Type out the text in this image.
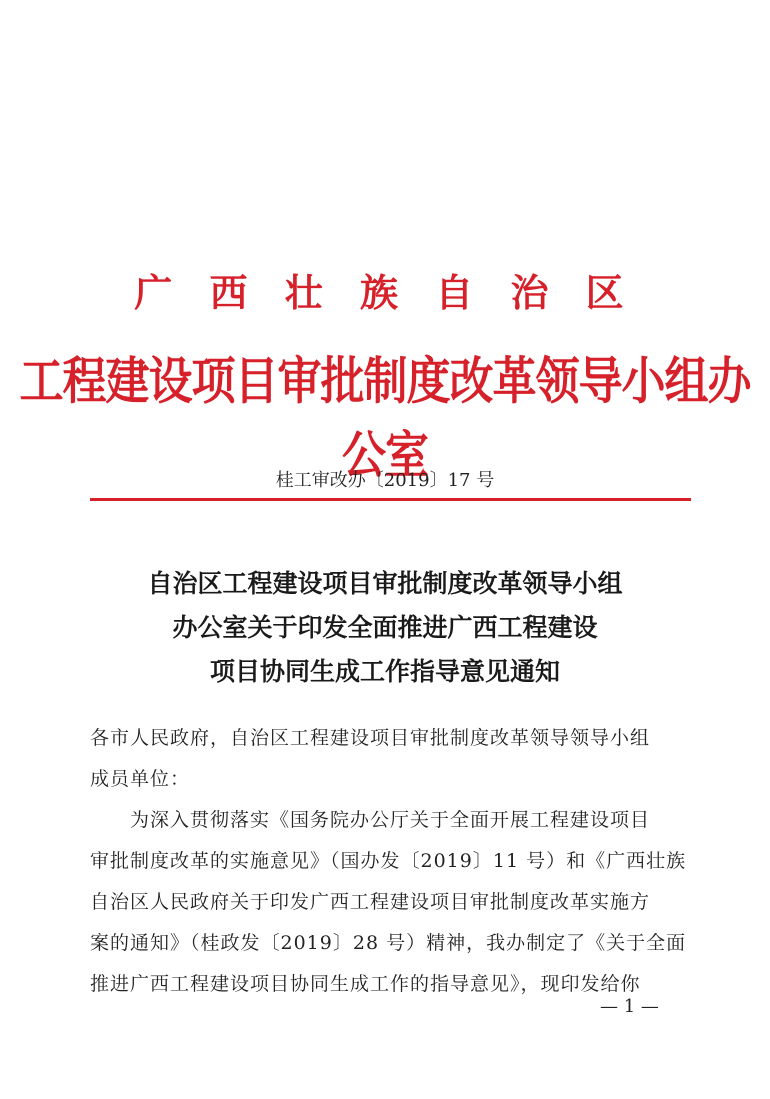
广 西 壮 族 自 治 区
工程建设项目审批制度改革领导小组办公室
桂工审改办〔2019〕17 号
自治区工程建设项目审批制度改革领导小组
办公室关于印发全面推进广西工程建设
项目协同生成工作指导意见通知
各市人民政府，自治区工程建设项目审批制度改革领导领导小组
成员单位：
为深入贯彻落实《国务院办公厅关于全面开展工程建设项目
审批制度改革的实施意见》（国办发〔2019〕11 号）和《广西壮族
自治区人民政府关于印发广西工程建设项目审批制度改革实施方
案的通知》（桂政发〔2019〕28 号）精神，我办制定了《关于全面
推进广西工程建设项目协同生成工作的指导意见》，现印发给你
— 1 —
